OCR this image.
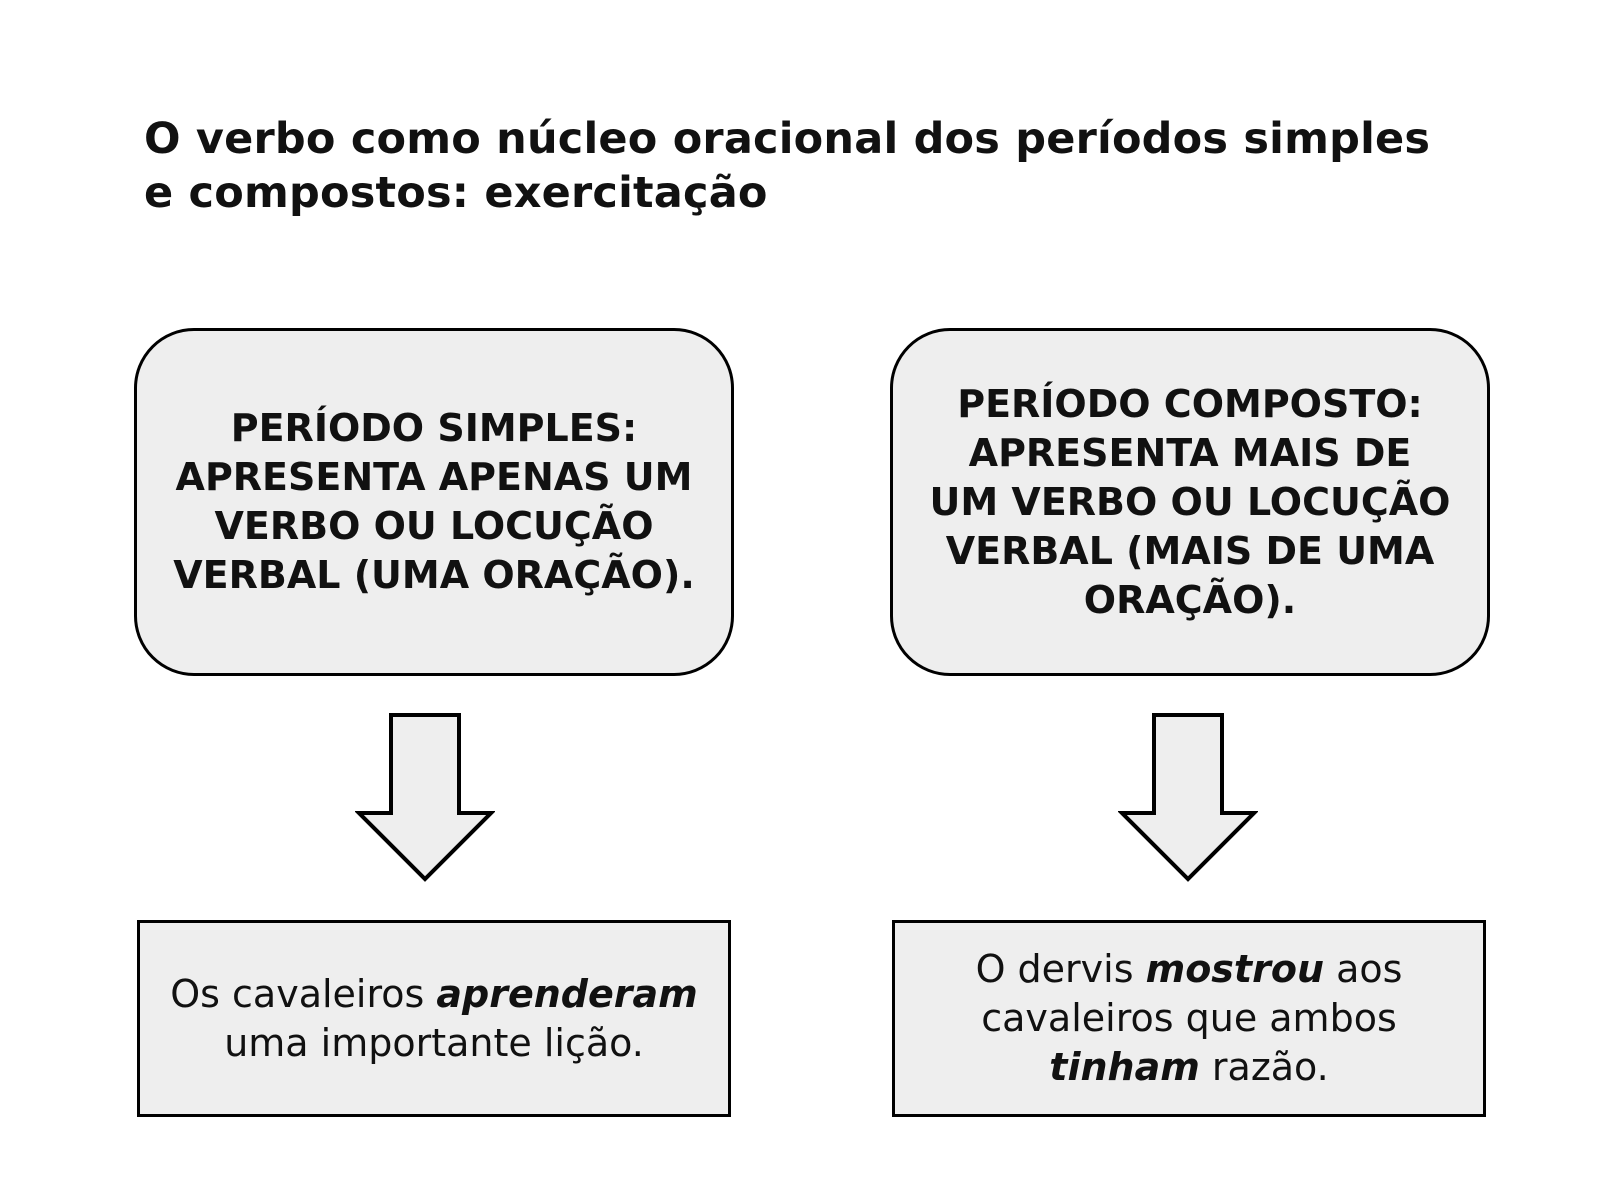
O verbo como núcleo oracional dos períodos simples e compostos: exercitação
PERÍODO SIMPLES: APRESENTA APENAS UM VERBO OU LOCUÇÃO VERBAL (UMA ORAÇÃO).
Os cavaleiros aprenderam uma importante lição.
PERÍODO COMPOSTO: APRESENTA MAIS DE UM VERBO OU LOCUÇÃO VERBAL (MAIS DE UMA ORAÇÃO).
O dervis mostrou aos cavaleiros que ambos tinham razão.
